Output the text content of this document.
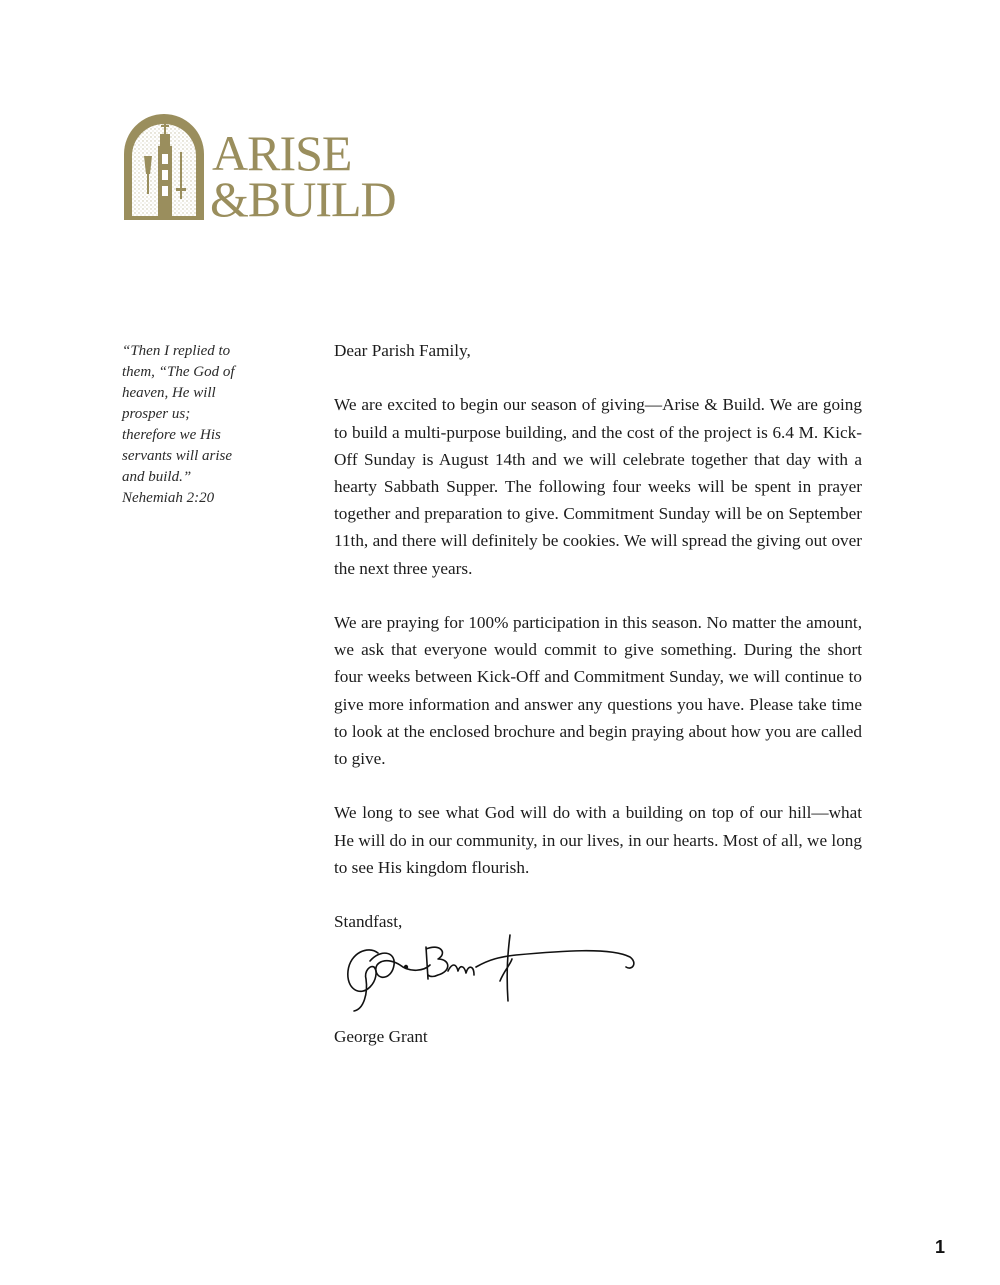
ARISE
&BUILD
“Then I replied to
them, “The God of
heaven, He will
prosper us;
therefore we His
servants will arise
and build.”
Nehemiah 2:20

Dear Parish Family,

We are excited to begin our season of giving—Arise & Build. We are going to build a multi-purpose building, and the cost of the project is 6.4 M. Kick-Off Sunday is August 14th and we will celebrate together that day with a hearty Sabbath Supper. The following four weeks will be spent in prayer together and preparation to give. Commitment Sunday will be on September 11th, and there will definitely be cookies. We will spread the giving out over the next three years.

We are praying for 100% participation in this season. No matter the amount, we ask that everyone would commit to give something. During the short four weeks between Kick-Off and Commitment Sunday, we will continue to give more information and answer any questions you have. Please take time to look at the enclosed brochure and begin praying about how you are called to give.

We long to see what God will do with a building on top of our hill—what He will do in our community, in our lives, in our hearts. Most of all, we long to see His kingdom flourish.

Standfast,

George Grant

1
